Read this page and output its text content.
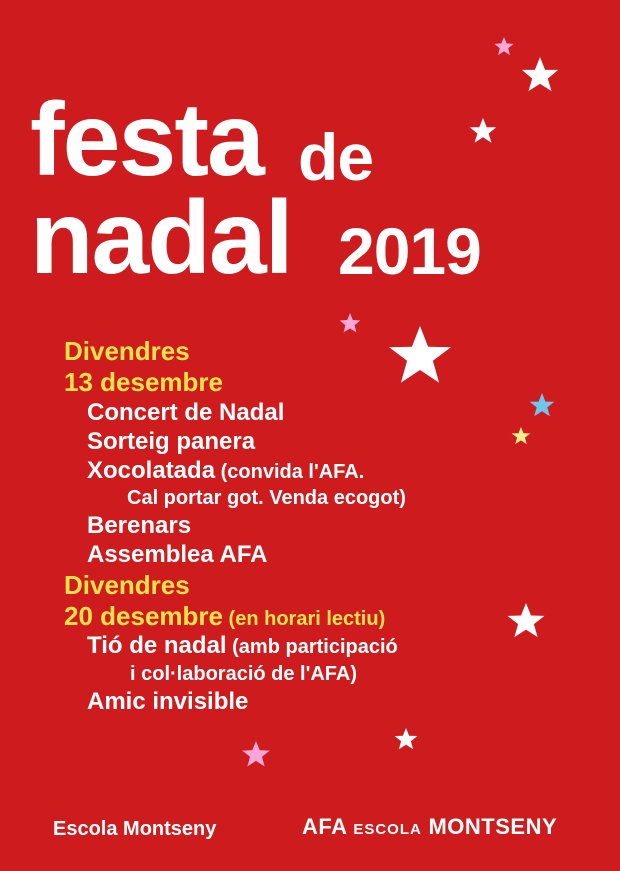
festa de
nadal 2019
Divendres
13 desembre
Concert de Nadal
Sorteig panera
Xocolatada (convida l'AFA.
Cal portar got. Venda ecogot)
Berenars
Assemblea AFA
Divendres
20 desembre (en horari lectiu)
Tió de nadal (amb participació
i col·laboració de l'AFA)
Amic invisible
Escola Montseny	AFA ESCOLA MONTSENY
